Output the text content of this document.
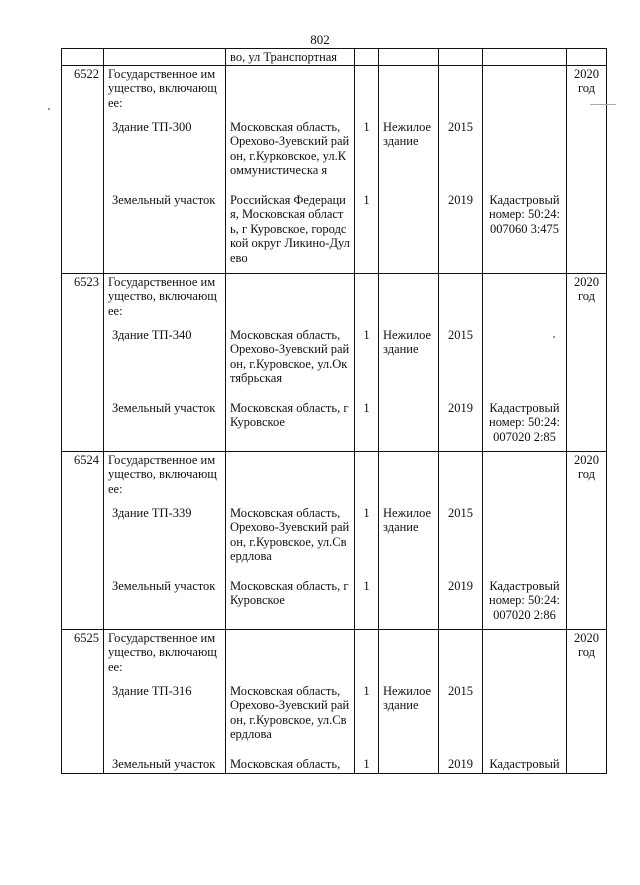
802
		во, ул Транспортная					
6522	Государственное имущество, включающее:						2020 год

	Здание ТП-300	Московская область, Орехово-Зуевский район, г.Курковское, ул.Коммунистическа я	1	Нежилое здание	2015		

	Земельный участок	Российская Федерация, Московская область, г Куровское, городской округ Ликино-Дулево	1		2019	Кадастровый номер: 50:24:007060 3:475	
6523	Государственное имущество, включающее:						2020 год

	Здание ТП-340	Московская область, Орехово-Зуевский район, г.Куровское, ул.Октябрьская	1	Нежилое здание	2015		

	Земельный участок	Московская область, г Куровское	1		2019	Кадастровый номер: 50:24:007020 2:85	
6524	Государственное имущество, включающее:						2020 год

	Здание ТП-339	Московская область, Орехово-Зуевский район, г.Куровское, ул.Свердлова	1	Нежилое здание	2015		

	Земельный участок	Московская область, г Куровское	1		2019	Кадастровый номер: 50:24:007020 2:86	
6525	Государственное имущество, включающее:						2020 год

	Здание ТП-316	Московская область, Орехово-Зуевский район, г.Куровское, ул.Свердлова	1	Нежилое здание	2015		

	Земельный участок	Московская область,	1		2019	Кадастровый	
